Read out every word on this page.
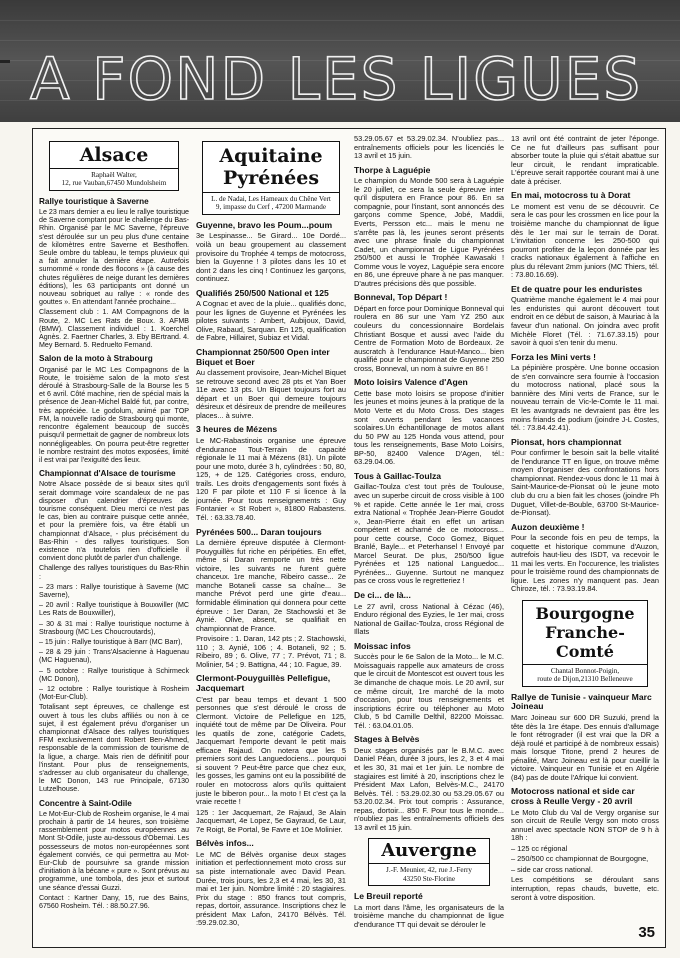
A FOND LES LIGUES
Alsace
Raphaël Walter,
12, rue Vauban,67450 Mundolsheim
Rallye touristique à Saverne

Le 23 mars dernier a eu lieu le rallye touristique de Saverne comptant pour le challenge du Bas-Rhin. Organisé par le MC Saverne, l'épreuve s'est déroulée sur un peu plus d'une centaine de kilomètres entre Saverne et Besthoffen. Seule ombre du tableau, le temps pluvieux qui a fait annuler la dernière étape. Autrefois surnommé « ronde des flocons » (à cause des chutes régulières de neige durant les dernières éditions), les 63 participants ont donné un nouveau sobriquet au rallye : « ronde des gouttes ». En attendant l'année prochaine...

Classement club : 1. AM Compagnons de la Route, 2. MC Les Rats de Boux. 3. AFMB (BMW). Classement individuel : 1. Koerchel Agnès. 2. Faertner Charles, 3. Eby BErtrand. 4. Mey Bernard. 5. Redruelto Fernand.

Salon de la moto à Strabourg

Organisé par le MC Les Compagnons de la Route, le troisième salon de la moto s'est déroulé à Strasbourg-Salle de la Bourse les 5 et 6 avril. Côté machine, rien de spécial mais la présence de Jean-Michel Baldé fut, par contre, très appréciée. Le godolum, animé par TOP FM, la nouvelle radio de Strasbourg qui monte, rencontre également beaucoup de succès puisqu'il permettait de gagner de nombreux lots nonnégligeables. On pourra peut-être regretter le nombre restraint des motos exposées, limité il est vrai par l'exiguïté des lieux.

Championnat d'Alsace de tourisme

Notre Alsace possède de si beaux sites qu'il serait dommage voire scandaleux de ne pas disposer d'un calendrier d'épreuves de tourisme conséquent. Dieu merci ce n'est pas le cas, bien au contraire puisque cette année, et pour la première fois, va être établi un championnat d'Alsace, - plus précisément du Bas-Rhin - des rallyes touristiques. Son existence n'a toutefois rien d'officielle il convient donc plutôt de parler d'un challenge.

Challenge des rallyes touristiques du Bas-Rhin :

– 23 mars : Rallye touristique à Saverne (MC Saverne),

– 20 avril : Rallye touristique à Bouxwiller (MC Les Rats de Bouxwiller),

– 30 & 31 mai : Rallye touristique nocturne à Strasbourg (MC Les Choucroutards),

– 15 juin : Rallye touristique à Barr (MC Barr),

– 28 & 29 juin : Trans'Alsacienne à Haguenau (MC Haguenau),

– 5 octobre : Rallye touristique à Schirmeck (MC Donon),

– 12 octobre : Rallye touristique à Rosheim (Mot-Eur-Club).

Totalisant sept épreuves, ce challenge est ouvert à tous les clubs affiliés ou non à ce sujet, il est également prévu d'organiser un championnat d'Alsace des rallyes touristiques FFM exclusivement dont Robert Ben-Ahmed, responsable de la commission de tourisme de la ligue, a charge. Mais rien de définitif pour l'instant. Pour plus de renseignements, s'adresser au club organisateur du challenge, le MC Donon, 143 rue Principale, 67130 Lutzelhouse.

Concentre à Saint-Odile

Le Mot-Eur-Club de Rosheim organise, le 4 mai prochain à partir de 14 heures, son troisième rassemblement pour motos européennes au Mont St-Odile, juste au-dessous d'Obernai. Les possesseurs de motos non-européennes sont également conviés, ce qui permettra au Mot-Eur-Club de poursuivre sa grande mission d'initiation à la bécane « pure ». Sont prévus au programme, une tombola, des jeux et surtout une séance d'essai Guzzi.

Contact : Kartner Dany, 15, rue des Bains, 67560 Rosheim. Tél. : 88.50.27.96.

Aquitaine
Pyrénées
L. de Nadai, Les Hameaux du Chêne Vert
9, impasse du Cerf , 47200 Marmande
Guyenne, bravo les Poum...poum

3e Lespinasse... 5e Girard... 10e Dordé... voilà un beau groupement au classement provisoire du Trophée 4 temps de motocross, bien la Guyenne ! 3 pilotes dans les 10 et dont 2 dans les cinq ! Continuez les garçons, continuez.

Qualifiés 250/500 National et 125

A Cognac et avec de la pluie... qualifiés donc, pour les lignes de Guyenne et Pyrénées les pilotes suivants : Ambert, Aubijoux, David, Olive, Rabaud, Sarquan. En 125, qualification de Fabre, Hillairet, Subiaz et Vidal.

Championnat 250/500 Open inter Biquet et Boer

Au classement provisoire, Jean-Michel Biquet se retrouve second avec 28 pts et Yan Boer 11e avec 13 pts. Un Biquet toujours fort au départ et un Boer qui demeure toujours désireux et désireux de prendre de meilleures places... à suivre.

3 heures de Mézens

Le MC-Rabastinois organise une épreuve d'endurance Tout-Terrain de capacité régionale le 11 mai à Mézens (81). Un pilote pour une moto, durée 3 h, cylindrées : 50, 80, 125, + de 125. Catégories cross, enduro, trails. Les droits d'engagements sont fixés à 120 F par pilote et 110 F si licence à la journée. Pour tous renseignements : Guy Fontanier « St Robert », 81800 Rabastens. Tél. : 63.33.78.40.

Pyrénées 500... Daran toujours

La dernière épreuve disputée à Clermont-Pouyguillès fut riche en péripéties. En effet, même si Daran remporte un très nette victoire, les suivants ne furent guère chanceux. 1re manche, Ribeiro casse... 2e manche Botaneli casse sa chaîne... 3e manche Prévot perd une girte d'eau... formidable élimination qui donnera pour cette épreuve : 1er Daran, 2e Stachowski et 3e Aynié. Olive, absent, se qualifiait en championnat de France.

Provisoire : 1. Daran, 142 pts ; 2. Stachowski, 110 ; 3. Aynié, 106 ; 4. Botaneli, 92 ; 5. Ribeiro, 89 ; 6. Olive, 77 ; 7. Prévot, 71 ; 8. Molinier, 54 ; 9. Battigna, 44 ; 10. Fague, 39.

Clermont-Pouyguillès Pellefigue, Jacquemart

C'est par beau temps et devant 1 500 personnes que s'est déroulé le cross de Clermont. Victoire de Pellefigue en 125, inquiété tout de même par De Oliveira. Pour les quatils de zone, catégorie Cadets, Jacquemart l'emporte devant le petit mais efficace Rajaud. On notera que les 5 premiers sont des Languedociens... pourquoi si souvent ? Peut-être parce que chez eux, les gosses, les gamins ont eu la possibilité de rouler en motocross alors qu'ils quittaient juste le biberon pour... la moto ! Et c'est ça la vraie recette !

125 : 1er Jacquemart, 2e Rajaud, 3e Alain Jacquemart, 4e Lopez, 5e Gayraud, 6e Laur, 7e Roigt, 8e Portal, 9e Favre et 10e Molinier.

Bélvès infos...

Le MC de Bélvès organise deux stages initiation et perfectionnement moto cross sur sa piste internationale avec David Pean. Durée, trois jours, les 2,3 et 4 mai, les 30, 31 mai et 1er juin. Nombre limité : 20 stagiaires. Prix du stage : 850 francs tout compris, repas, dortoir, assurance. Inscriptions chez le président Max Lafon, 24170 Bélvès. Tél. :59.29.02.30,

53.29.05.67 et 53.29.02.34. N'oubliez pas... entraînements officiels pour les licenciés le 13 avril et 15 juin.

Thorpe à Laguépie

Le champion du Monde 500 sera à Laguépie le 20 juillet, ce sera la seule épreuve inter qu'il disputera en France pour 86. En sa compagnie, pour l'instant, sont annoncés des garçons comme Spence, Jobé, Maddii, Everts, Persson etc... mais le menu ne s'arrête pas là, les jeunes seront présents avec une phrase finale du championnat Cadet, un championnat de Ligue Pyrénées 250/500 et aussi le Trophée Kawasaki ! Comme vous le voyez, Laguépie sera encore en 86, une épreuve phare à ne pas manquer. D'autres précisions dès que possible.

Bonneval, Top Départ !

Départ en force pour Dominique Bonneval qui roulera en 86 sur une Yam YZ 250 aux couleurs du concessionnaire Bordelais Christiant Bosque et aussi avec l'aide du Centre de Formation Moto de Bordeaux. 2e auscratch à l'endurance Haut-Manco... bien qualifié pour le championnat de Guyenne 250 cross, Bonneval, un nom à suivre en 86 !

Moto loisirs Valence d'Agen

Cette base moto loisirs se propose d'initier les jeunes et moins jeunes à la pratique de la Moto Verte et du Moto Cross. Des stages sont ouverts pendant les vacances scolaires.Un échantillonage de motos allant du 50 PW au 125 Honda vous attend, pour tous les renseignements, Base Moto Loisirs, BP-50, 82400 Valence D'Agen, tél.: 63.29.04.06.

Tous à Gaillac-Toulza

Gaillac-Toulza c'est tout près de Toulouse, avec un superbe circuit de cross visible à 100 % et rapide. Cette année le 1er mai, cross extra National « Trophée Jean-Pierre Goudot », Jean-Pierre était en effet un artisan compétent et acharné de ce motocross... pour cette course, Coco Gomez, Biquet Branlé, Bayle... et Peterhansel ! Envoyé par Marcel Seurat. De plus, 250/500 ligue Pyrénées et 125 national Languedoc... Pyrénées... Guyenne. Surtout ne manquez pas ce cross vous le regretteriez !

De ci... de là...

Le 27 avril, cross National à Cézac (46), Enduro régional des Eyzies, le 1er mai, cross National de Gaillac-Toulza, cross Régional de Illats

Moissac infos

Succès pour le 6e Salon de la Moto... le M.C. Moissaguais rappelle aux amateurs de cross que le circuit de Montescot est ouvert tous les 3e dimanche de chaque mois. Le 20 avril, sur ce même circuit, 1re marché de la moto d'occasion, pour tous renseignements et inscriptions écrire ou téléphoner au Moto Club, 5 bd Camille Delthil, 82200 Moissac. Tél. : 63.04.01.05.

Stages à Belvès

Deux stages organisés par le B.M.C. avec Daniel Péan, durée 3 jours, les 2, 3 et 4 mai et les 30, 31 mai et 1er juin. Le nombre de stagiaires est limité à 20, inscriptions chez le Président Max Lafon, Belvès-M.C., 24170 Belvès. Tél. : 53.29.02.30 ou 53.29.05.67 ou 53.20.02.34. Prix tout compris : Assurance, repas, dortoir... 850 F. Pour tous le monde... n'oubliez pas les entraînements officiels des 13 avril et 15 juin.

Auvergne
J.-F. Meunier, 42, rue J.-Ferry
43250 Ste-Florine
Le Breuil reporté

La mort dans l'âme, les organisateurs de la troisième manche du championnat de ligue d'endurance TT qui devait se dérouler le

13 avril ont été contraint de jeter l'éponge. Ce ne fut d'ailleurs pas suffisant pour absorber toute la pluie qui s'était abattue sur leur circuit, le rendant impraticable. L'épreuve serait rapportée courant mai à une date à préciser.

En mai, motocross tu à Dorat

Le moment est venu de se découvrir. Ce sera le cas pour les crossmen en lice pour la troisième manche du championnat de ligue dès le 1er mai sur le terrain de Dorat. L'invitation concerne les 250-500 qui pourront profiter de la leçon donnée par les cracks nationaux également à l'affiche en plus du rélevant 2mm juniors (MC Thiers, tél. : 73.80.16.69).

Et de quatre pour les enduristes

Quatrième manche également le 4 mai pour les enduristes qui auront découvert tout endroit en ce début de saison, à Mauriac à la faveur d'un national. On joindra avec profit Michèle Floret (Tél. : 71.67.33.15) pour savoir à quoi s'en tenir du menu.

Forza les Mini verts !

La pépinière prospère. Une bonne occasion de s'en convaincre sera fournie à l'occasion du motocross national, placé sous la bannière des Mini verts de France, sur le nouveau terrain de Vic-le-Comte le 11 mai. Et les avantgrads ne devraient pas être les moins friands de podium (joindre J-L Costes, tél. : 73.84.42.41).

Pionsat, hors championnat

Pour confirmer le besoin sait la belle vitalité de l'endurance TT en ligue, on trouve même moyen d'organiser des confrontations hors championnat. Rendez-vous donc le 11 mai à Saint-Maurice-de-Pionsat où le jeune moto club du cru a bien fait les choses (joindre Ph Duguet, Villet-de-Bouble, 63700 St-Maurice-de-Pionsat).

Auzon deuxième !

Pour la seconde fois en peu de temps, la coquette et historique commune d'Auzon, autrefois haut-lieu des ISDT, va recevoir le 11 mai les verts. En l'occurence, les trialistes pour le troisième round des championnats de ligue. Les zones n'y manquent pas. Jean Chiroze, tél. : 73.93.19.84.

Bourgogne
Franche-
Comté
Chantal Bonnot-Poigin,
route de Dijon,21310 Belleneuve
Rallye de Tunisie - vainqueur Marc Joineau

Marc Joineau sur 600 DR Suzuki, prend la tête dès la 1re étape. Des ennuis d'allumage le font rétrograder (il est vrai que la DR a déjà roulé et participé à de nombreux essais) mais lorsque Titone, prend 2 heures de pénalité, Marc Joineau est là pour cueillir la victoire. Vainqueur en Tunisie et en Algérie (84) pas de doute l'Afrique lui convient.

Motocross national et side car cross à Reulle Vergy - 20 avril

Le Moto Club du Val de Vergy organise sur son circuit de Reulle Vergy son moto cross annuel avec spectacle NON STOP de 9 h à 18h :

– 125 cc régional

– 250/500 cc championnat de Bourgogne,

– side car cross national.

Les compétitions se déroulant sans interruption, repas chauds, buvette, etc. seront à votre disposition.

35
